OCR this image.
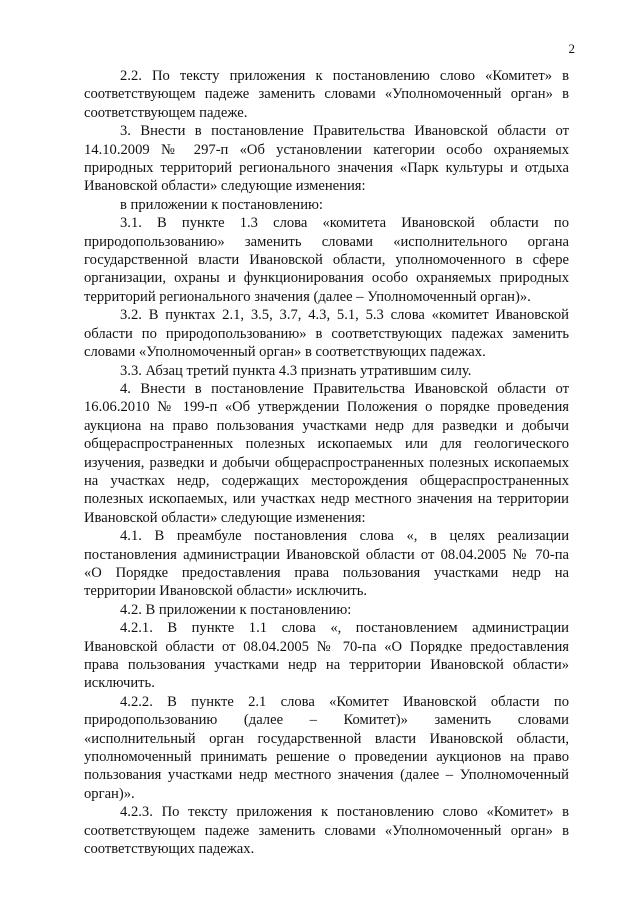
2

2.2. По тексту приложения к постановлению слово «Комитет» в соответствующем падеже заменить словами «Уполномоченный орган» в соответствующем падеже.

3. Внести в постановление Правительства Ивановской области от 14.10.2009 № 297-п «Об установлении категории особо охраняемых природных территорий регионального значения «Парк культуры и отдыха Ивановской области» следующие изменения:

в приложении к постановлению:

3.1. В пункте 1.3 слова «комитета Ивановской области по природопользованию» заменить словами «исполнительного органа государственной власти Ивановской области, уполномоченного в сфере организации, охраны и функционирования особо охраняемых природных территорий регионального значения (далее – Уполномоченный орган)».

3.2. В пунктах 2.1, 3.5, 3.7, 4.3, 5.1, 5.3 слова «комитет Ивановской области по природопользованию» в соответствующих падежах заменить словами «Уполномоченный орган» в соответствующих падежах.

3.3. Абзац третий пункта 4.3 признать утратившим силу.

4. Внести в постановление Правительства Ивановской области от 16.06.2010 № 199-п «Об утверждении Положения о порядке проведения аукциона на право пользования участками недр для разведки и добычи общераспространенных полезных ископаемых или для геологического изучения, разведки и добычи общераспространенных полезных ископаемых на участках недр, содержащих месторождения общераспространенных полезных ископаемых, или участках недр местного значения на территории Ивановской области» следующие изменения:

4.1. В преамбуле постановления слова «, в целях реализации постановления администрации Ивановской области от 08.04.2005 № 70-па «О Порядке предоставления права пользования участками недр на территории Ивановской области» исключить.

4.2. В приложении к постановлению:

4.2.1. В пункте 1.1 слова «, постановлением администрации Ивановской области от 08.04.2005 № 70-па «О Порядке предоставления права пользования участками недр на территории Ивановской области» исключить.

4.2.2. В пункте 2.1 слова «Комитет Ивановской области по природопользованию (далее – Комитет)» заменить словами «исполнительный орган государственной власти Ивановской области, уполномоченный принимать решение о проведении аукционов на право пользования участками недр местного значения (далее – Уполномоченный орган)».

4.2.3. По тексту приложения к постановлению слово «Комитет» в соответствующем падеже заменить словами «Уполномоченный орган» в соответствующих падежах.
